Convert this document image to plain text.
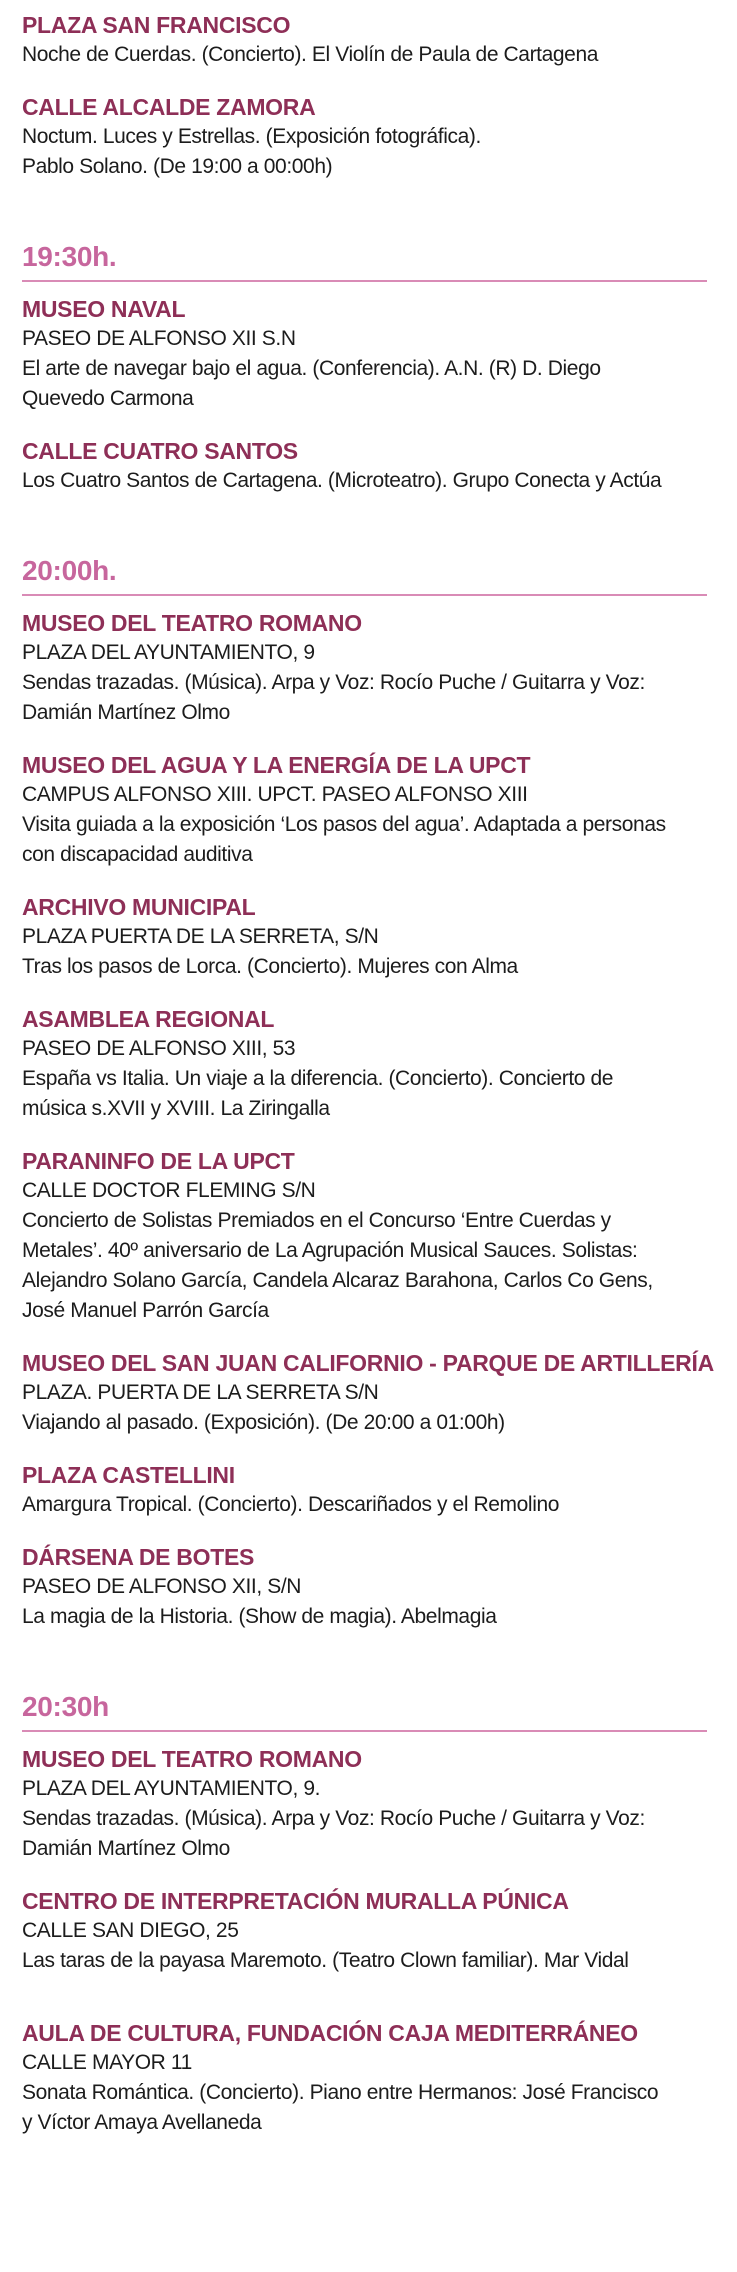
PLAZA SAN FRANCISCO
Noche de Cuerdas. (Concierto). El Violín de Paula de Cartagena
CALLE ALCALDE ZAMORA
Noctum. Luces y Estrellas. (Exposición fotográfica).
Pablo Solano. (De 19:00 a 00:00h)
19:30h.
MUSEO NAVAL
PASEO DE ALFONSO XII S.N
El arte de navegar bajo el agua. (Conferencia). A.N. (R) D. Diego
Quevedo Carmona
CALLE CUATRO SANTOS
Los Cuatro Santos de Cartagena. (Microteatro). Grupo Conecta y Actúa
20:00h.
MUSEO DEL TEATRO ROMANO
PLAZA DEL AYUNTAMIENTO, 9
Sendas trazadas. (Música). Arpa y Voz: Rocío Puche / Guitarra y Voz:
Damián Martínez Olmo
MUSEO DEL AGUA Y LA ENERGÍA DE LA UPCT
CAMPUS ALFONSO XIII. UPCT. PASEO ALFONSO XIII
Visita guiada a la exposición ‘Los pasos del agua’. Adaptada a personas
con discapacidad auditiva
ARCHIVO MUNICIPAL
PLAZA PUERTA DE LA SERRETA, S/N
Tras los pasos de Lorca. (Concierto). Mujeres con Alma
ASAMBLEA REGIONAL
PASEO DE ALFONSO XIII, 53
España vs Italia. Un viaje a la diferencia. (Concierto). Concierto de
música s.XVII y XVIII. La Ziringalla
PARANINFO DE LA UPCT
CALLE DOCTOR FLEMING S/N
Concierto de Solistas Premiados en el Concurso ‘Entre Cuerdas y
Metales’. 40º aniversario de La Agrupación Musical Sauces. Solistas:
Alejandro Solano García, Candela Alcaraz Barahona, Carlos Co Gens,
José Manuel Parrón García
MUSEO DEL SAN JUAN CALIFORNIO - PARQUE DE ARTILLERÍA
PLAZA. PUERTA DE LA SERRETA S/N
Viajando al pasado. (Exposición). (De 20:00 a 01:00h)
PLAZA CASTELLINI
Amargura Tropical. (Concierto). Descariñados y el Remolino
DÁRSENA DE BOTES
PASEO DE ALFONSO XII, S/N
La magia de la Historia. (Show de magia). Abelmagia
20:30h
MUSEO DEL TEATRO ROMANO
PLAZA DEL AYUNTAMIENTO, 9.
Sendas trazadas. (Música). Arpa y Voz: Rocío Puche / Guitarra y Voz:
Damián Martínez Olmo
CENTRO DE INTERPRETACIÓN MURALLA PÚNICA
CALLE SAN DIEGO, 25
Las taras de la payasa Maremoto. (Teatro Clown familiar). Mar Vidal
AULA DE CULTURA, FUNDACIÓN CAJA MEDITERRÁNEO
CALLE MAYOR 11
Sonata Romántica. (Concierto). Piano entre Hermanos: José Francisco
y Víctor Amaya Avellaneda
